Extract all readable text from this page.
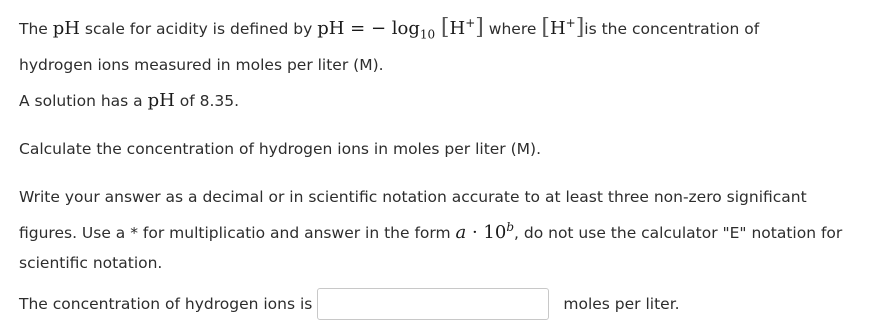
The pH scale for acidity is defined by pH = − $\log_{10} [H^+]$ where [H+]is the concentration of
hydrogen ions measured in moles per liter (M).

A solution has a pH of 8.35.

Calculate the concentration of hydrogen ions in moles per liter (M).

Write your answer as a decimal or in scientific notation accurate to at least three non-zero significant figures. Use a * for multiplicatio and answer in the form $a \cdot 10^b$, do not use the calculator "E" notation for scientific notation.

The concentration of hydrogen ions is	moles per liter.
